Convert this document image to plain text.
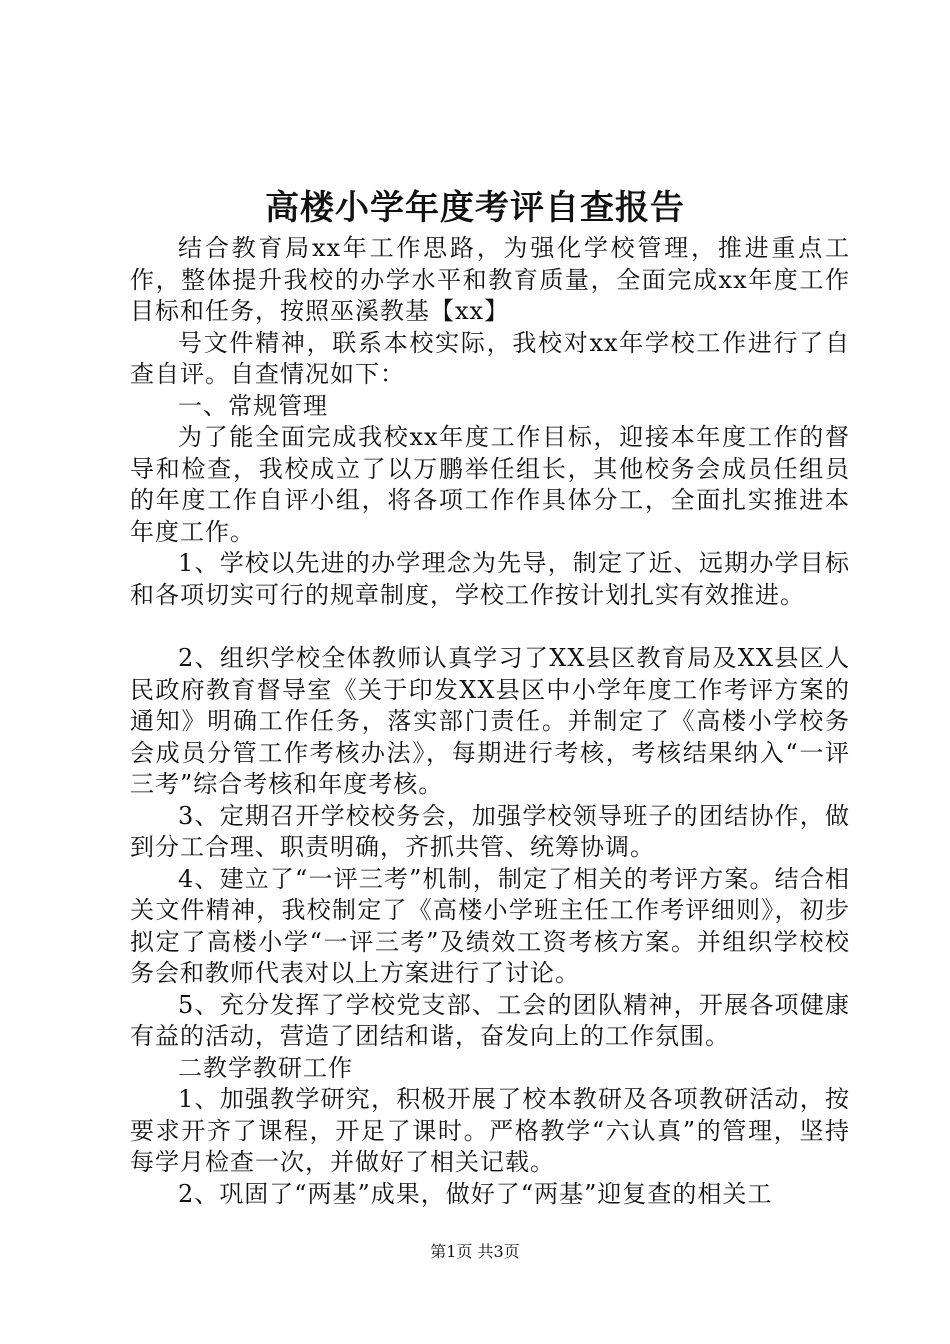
高楼小学年度考评自查报告

结合教育局xx年工作思路，为强化学校管理，推进重点工作，整体提升我校的办学水平和教育质量，全面完成xx年度工作目标和任务，按照巫溪教基【xx】

号文件精神，联系本校实际，我校对xx年学校工作进行了自查自评。自查情况如下：

一、常规管理

为了能全面完成我校xx年度工作目标，迎接本年度工作的督导和检查，我校成立了以万鹏举任组长，其他校务会成员任组员的年度工作自评小组，将各项工作作具体分工，全面扎实推进本年度工作。

1、学校以先进的办学理念为先导，制定了近、远期办学目标和各项切实可行的规章制度，学校工作按计划扎实有效推进。

2、组织学校全体教师认真学习了XX县区教育局及XX县区人民政府教育督导室《关于印发XX县区中小学年度工作考评方案的通知》明确工作任务，落实部门责任。并制定了《高楼小学校务会成员分管工作考核办法》，每期进行考核，考核结果纳入“一评三考”综合考核和年度考核。

3、定期召开学校校务会，加强学校领导班子的团结协作，做到分工合理、职责明确，齐抓共管、统筹协调。

4、建立了“一评三考”机制，制定了相关的考评方案。结合相关文件精神，我校制定了《高楼小学班主任工作考评细则》，初步拟定了高楼小学“一评三考”及绩效工资考核方案。并组织学校校务会和教师代表对以上方案进行了讨论。

5、充分发挥了学校党支部、工会的团队精神，开展各项健康有益的活动，营造了团结和谐，奋发向上的工作氛围。

二教学教研工作

1、加强教学研究，积极开展了校本教研及各项教研活动，按要求开齐了课程，开足了课时。严格教学“六认真”的管理，坚持每学月检查一次，并做好了相关记载。

2、巩固了“两基”成果，做好了“两基”迎复查的相关工

第1页 共3页
